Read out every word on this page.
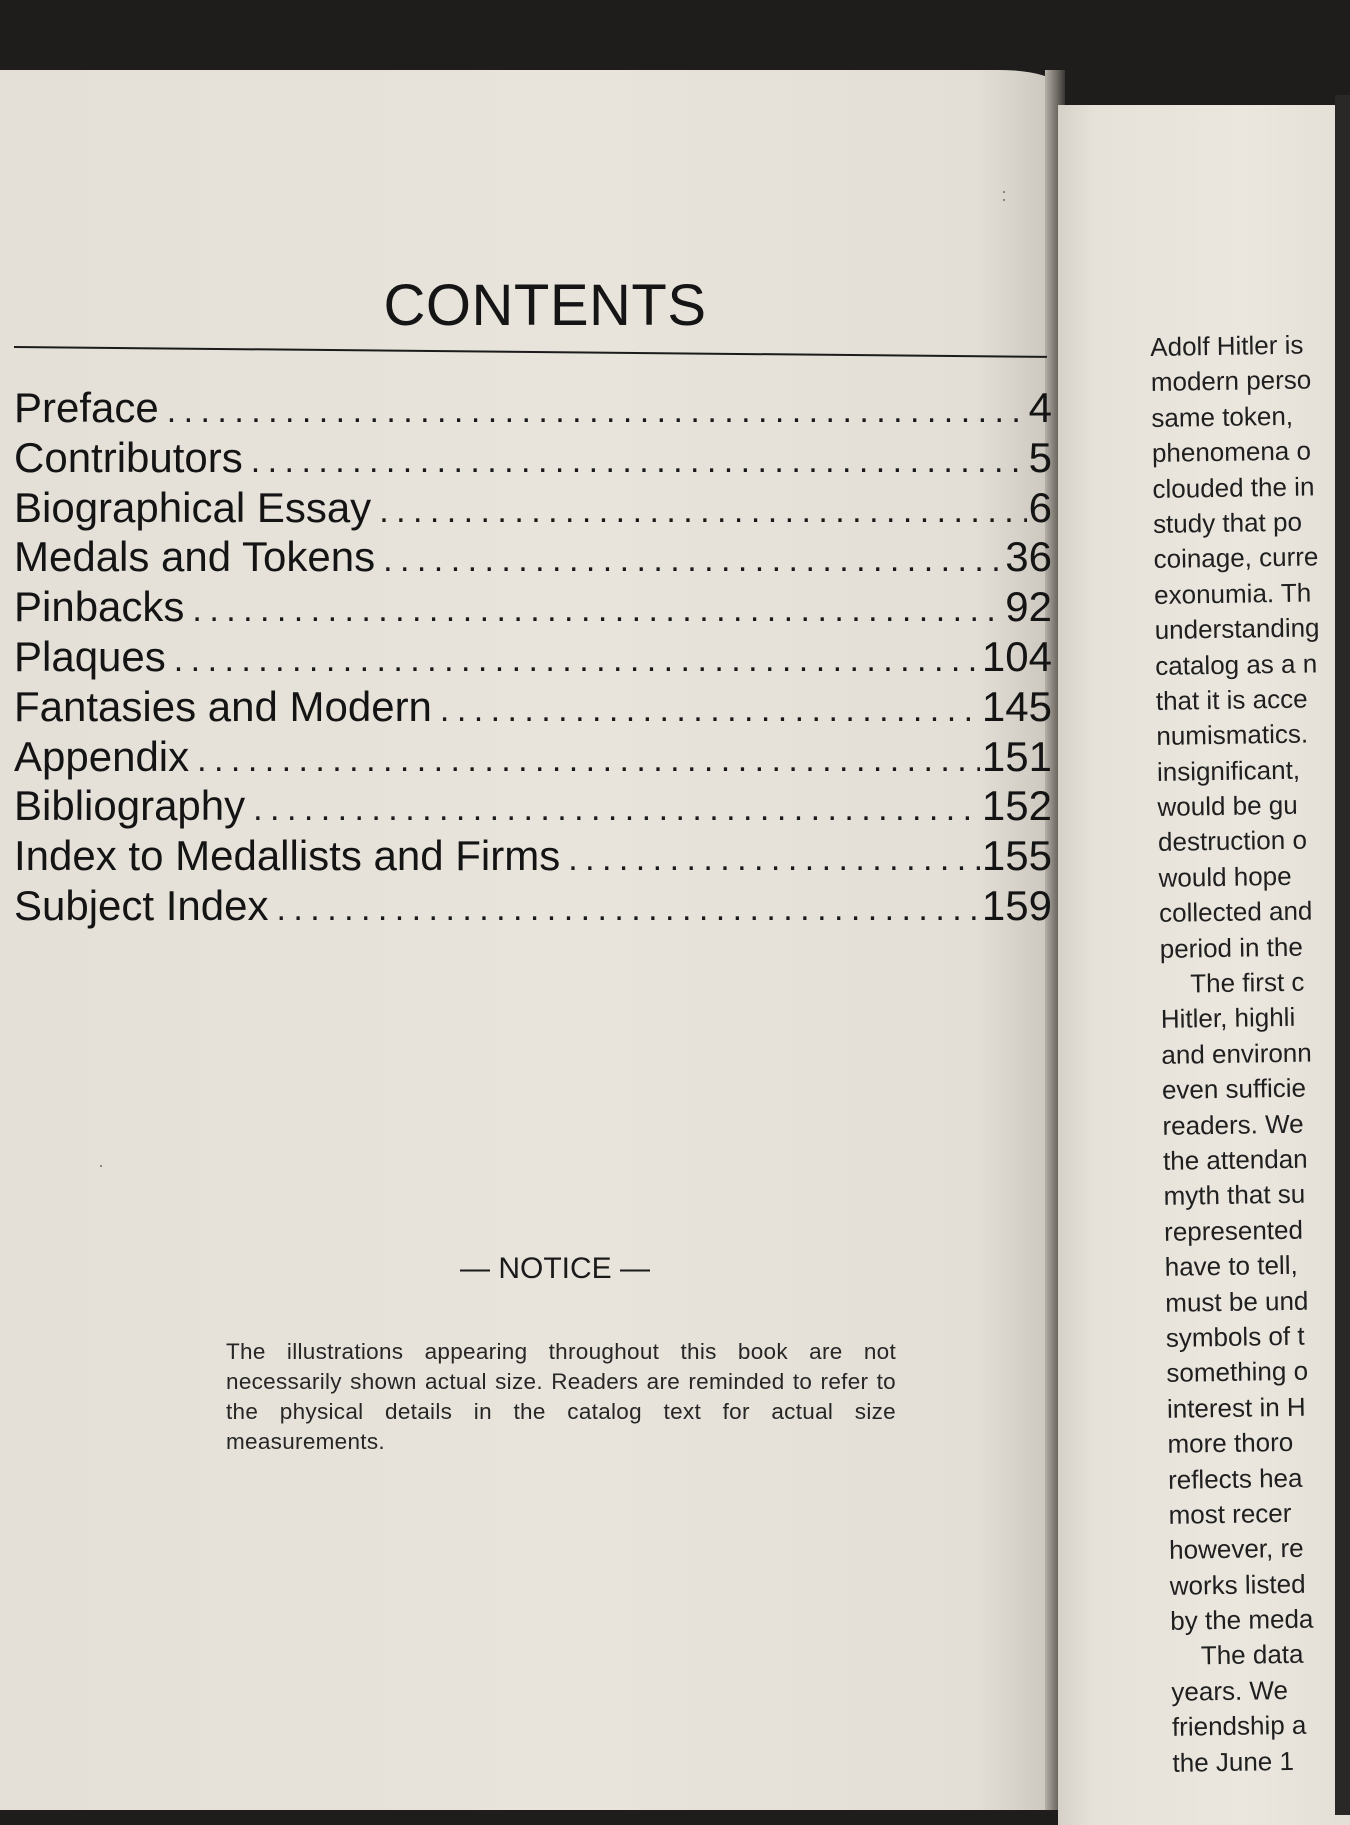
CONTENTS
Preface . . .	4
Contributors . . .	5
Biographical Essay . . .	6
Medals and Tokens . . .	36
Pinbacks . . .	92
Plaques . . .	104
Fantasies and Modern . . .	145
Appendix . . .	151
Bibliography . . .	152
Index to Medallists and Firms . . .	155
Subject Index . . .	159
— NOTICE —
The illustrations appearing throughout this book are not necessarily shown actual size. Readers are reminded to refer to the physical details in the catalog text for actual size measurements.
Adolf Hitler is
modern perso
same token,
phenomena o
clouded the in
study that po
coinage, curre
exonumia. Th
understanding
catalog as a n
that it is acce
numismatics.
insignificant,
would be gu
destruction o
would hope
collected and
period in the
The first c
Hitler, highli
and environn
even sufficie
readers. We
the attendan
myth that su
represented
have to tell,
must be und
symbols of t
something o
interest in H
more thoro
reflects hea
most recer
however, re
works listed
by the meda
The data
years. We
friendship a
the June 1
